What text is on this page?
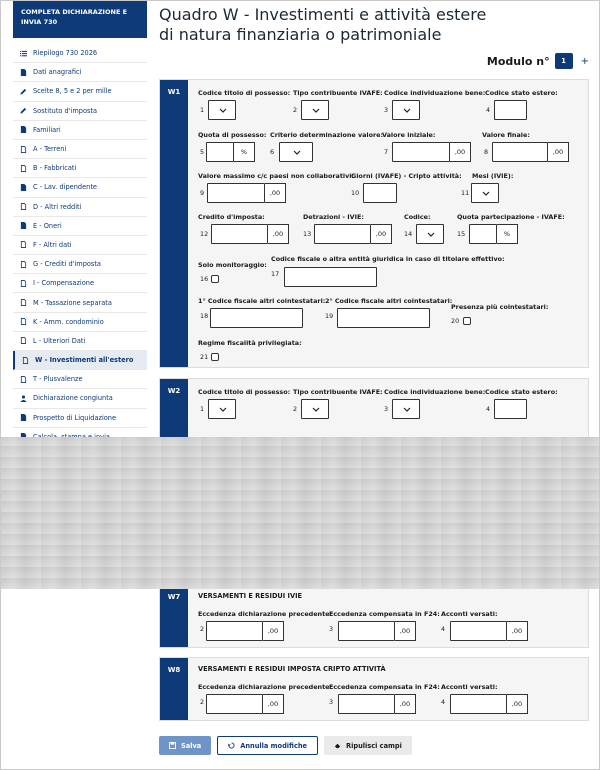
COMPLETA DICHIARAZIONE E INVIA 730
Riepilogo 730 2026
Dati anagrafici
Scelte 8, 5 e 2 per mille
Sostituto d'imposta
Familiari
A - Terreni
B - Fabbricati
C - Lav. dipendente
D - Altri redditi
E - Oneri
F - Altri dati
G - Crediti d'imposta
I - Compensazione
M - Tassazione separata
K - Amm. condominio
L - Ulteriori Dati
W - Investimenti all'estero
T - Plusvalenze
Dichiarazione congiunta
Prospetto di Liquidazione
Quadro W - Investimenti e attività estere
di natura finanziaria o patrimoniale
Modulo n°	1	+
W1	Codice titolo di possesso:
1
Tipo contribuente IVAFE:
2
Codice individuazione bene:
3
Codice stato estero:
4
Quota di possesso:
5	%
Criterio determinazione valore:
6
Valore iniziale:
7	,00
Valore finale:
8	,00
Valore massimo c/c paesi non collaborativi:
9	,00
Giorni (IVAFE) - Cripto attività:
10
Mesi (IVIE):
11
Credito d'imposta:
12	,00
Detrazioni - IVIE:
13	,00
Codice:
14
Quota partecipazione - IVAFE:
15	%
Solo monitoraggio:
16
Codice fiscale o altra entità giuridica in caso di titolare effettivo:
17
1° Codice fiscale altri cointestatari:
18
2° Codice fiscale altri cointestatari:
19
Presenza più cointestatari:
20
Regime fiscalità privilegiata:
21
W2	Codice titolo di possesso:
1
Tipo contribuente IVAFE:
2
Codice individuazione bene:
3
Codice stato estero:
4
W7	VERSAMENTI E RESIDUI IVIE
Eccedenza dichiarazione precedente:
2	,00
Eccedenza compensata in F24:
3	,00
Acconti versati:
4	,00
W8	VERSAMENTI E RESIDUI IMPOSTA CRIPTO ATTIVITÀ
Eccedenza dichiarazione precedente:
2	,00
Eccedenza compensata in F24:
3	,00
Acconti versati:
4	,00
Salva	Annulla modifiche	Ripulisci campi
